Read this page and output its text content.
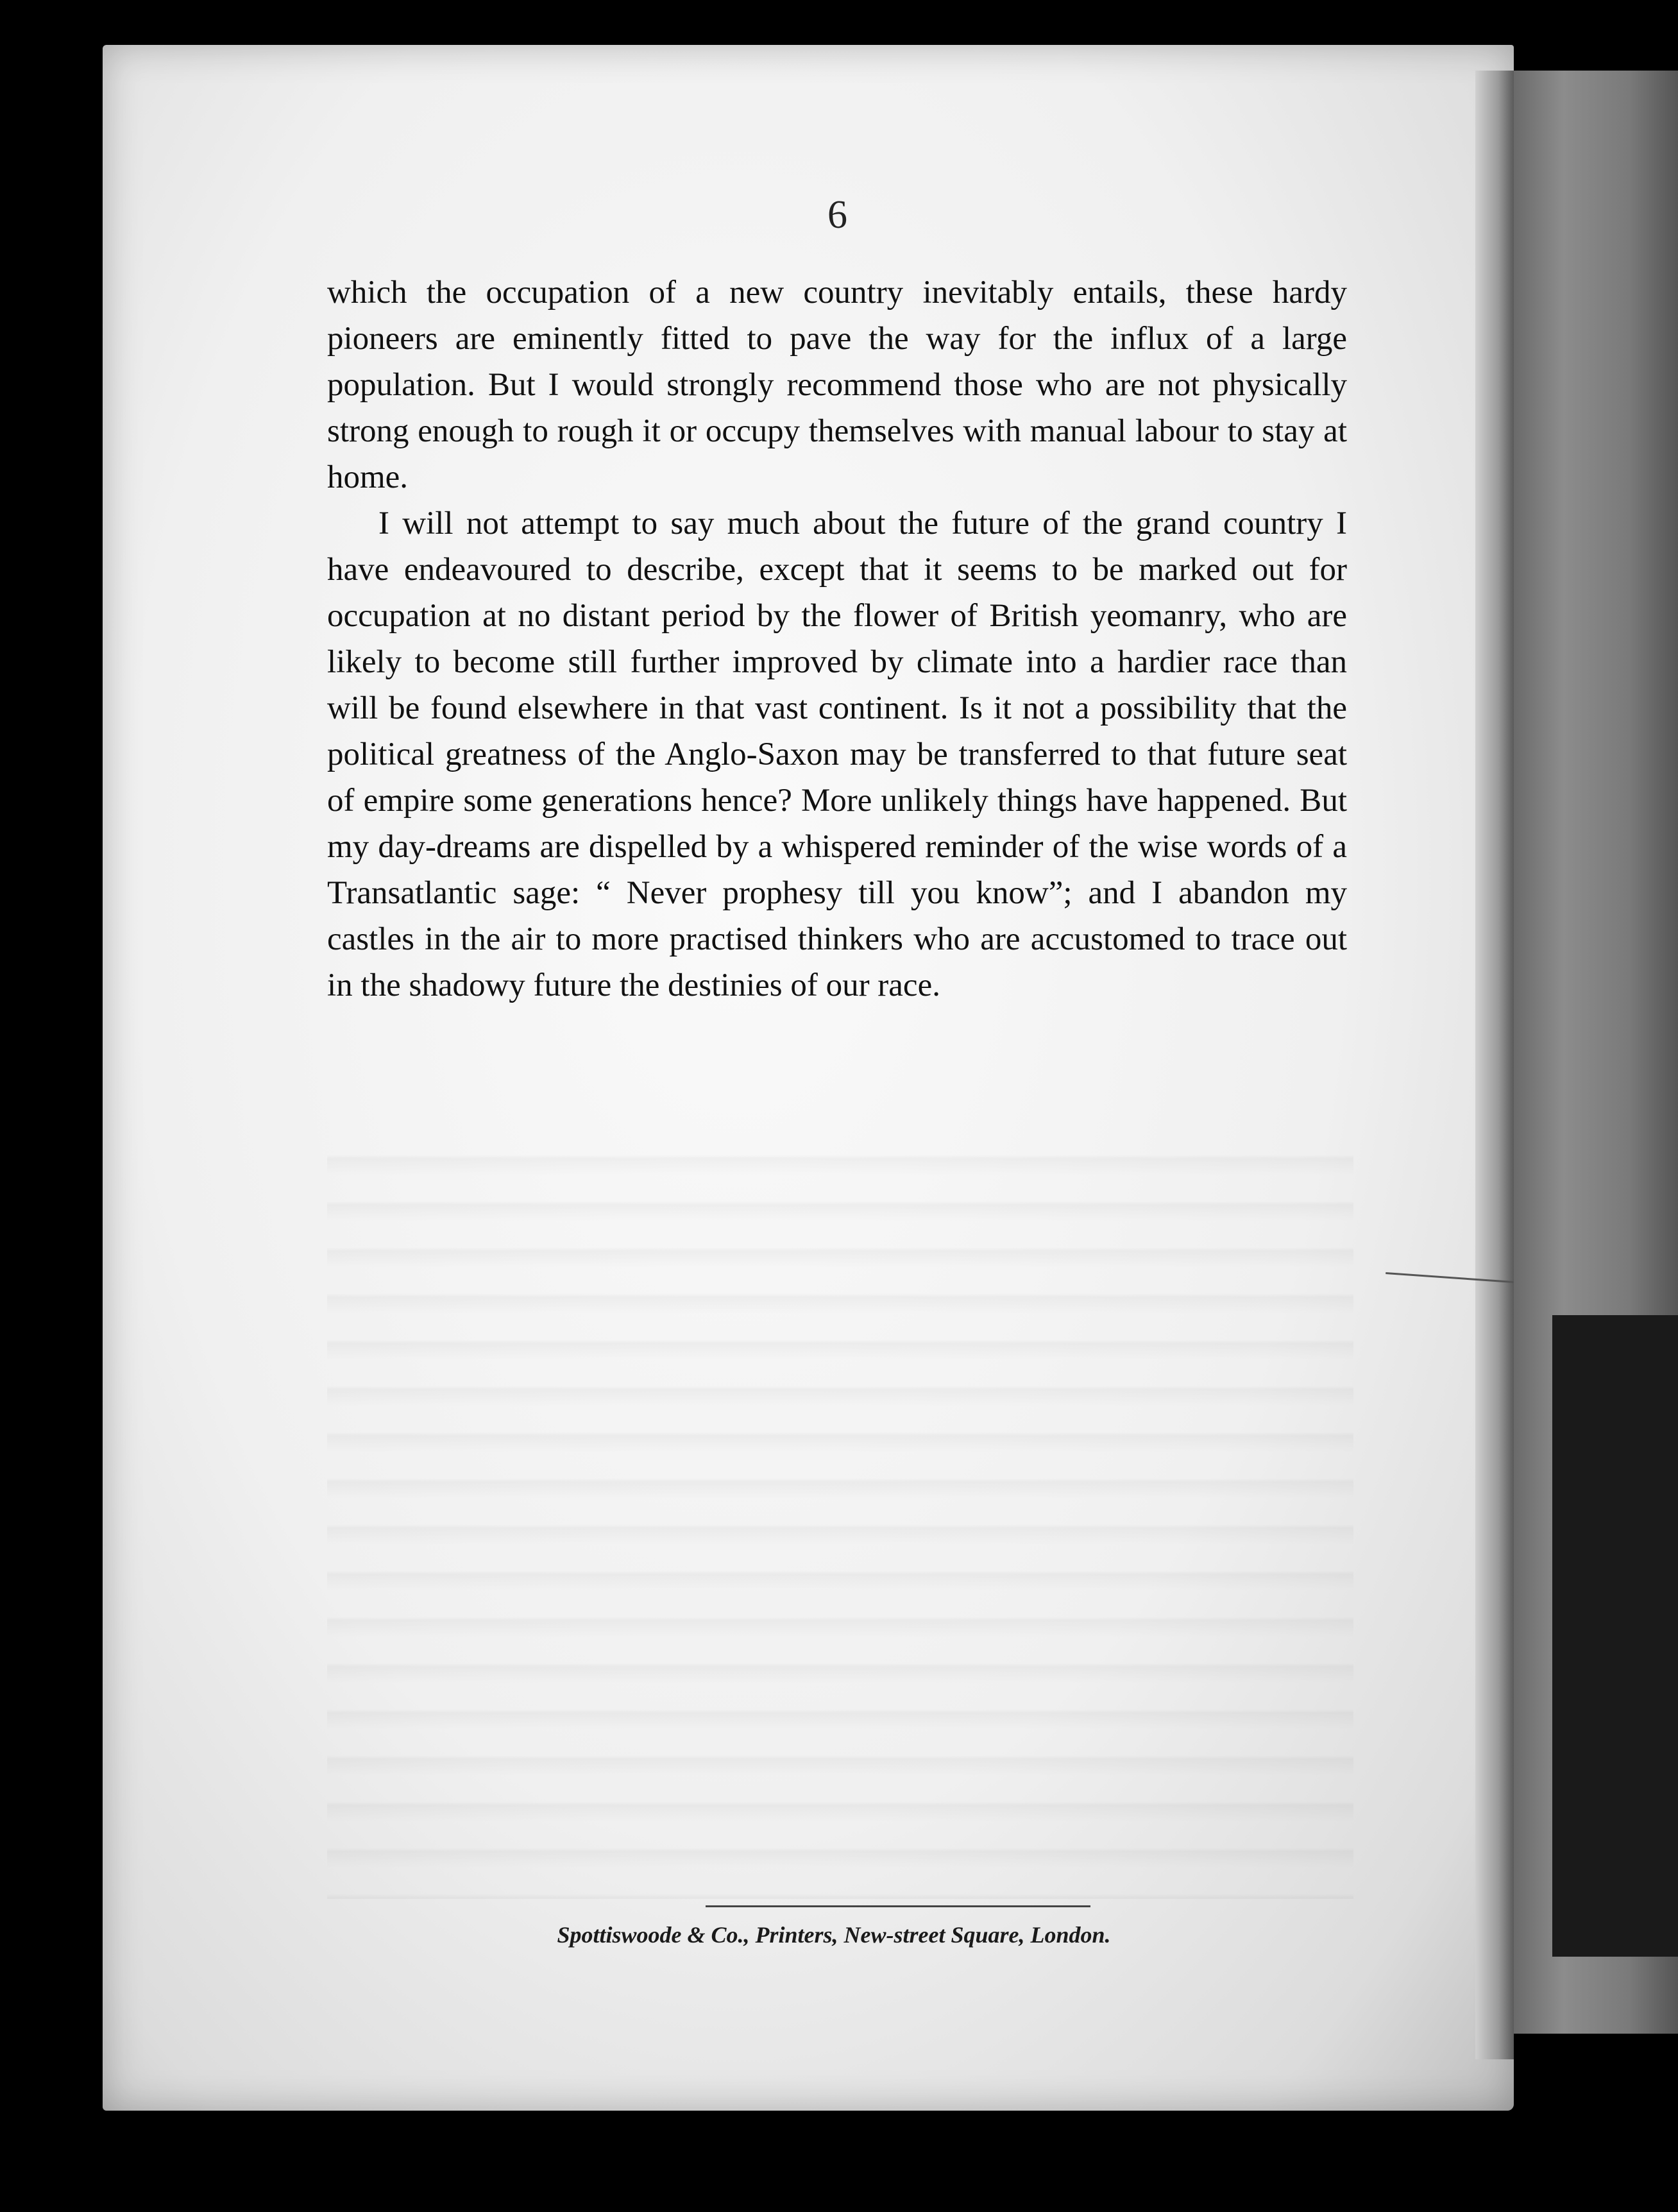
6

which the occupation of a new country inevitably entails, these hardy pioneers are eminently fitted to pave the way for the influx of a large population. But I would strongly recommend those who are not physically strong enough to rough it or occupy themselves with manual labour to stay at home.

I will not attempt to say much about the future of the grand country I have endeavoured to describe, except that it seems to be marked out for occupation at no distant period by the flower of British yeomanry, who are likely to become still further improved by climate into a hardier race than will be found elsewhere in that vast continent. Is it not a possibility that the political greatness of the Anglo-Saxon may be transferred to that future seat of empire some generations hence? More unlikely things have happened. But my day-dreams are dispelled by a whispered reminder of the wise words of a Transatlantic sage: “ Never prophesy till you know”; and I abandon my castles in the air to more practised thinkers who are accustomed to trace out in the shadowy future the destinies of our race.

Spottiswoode & Co., Printers, New-street Square, London.
